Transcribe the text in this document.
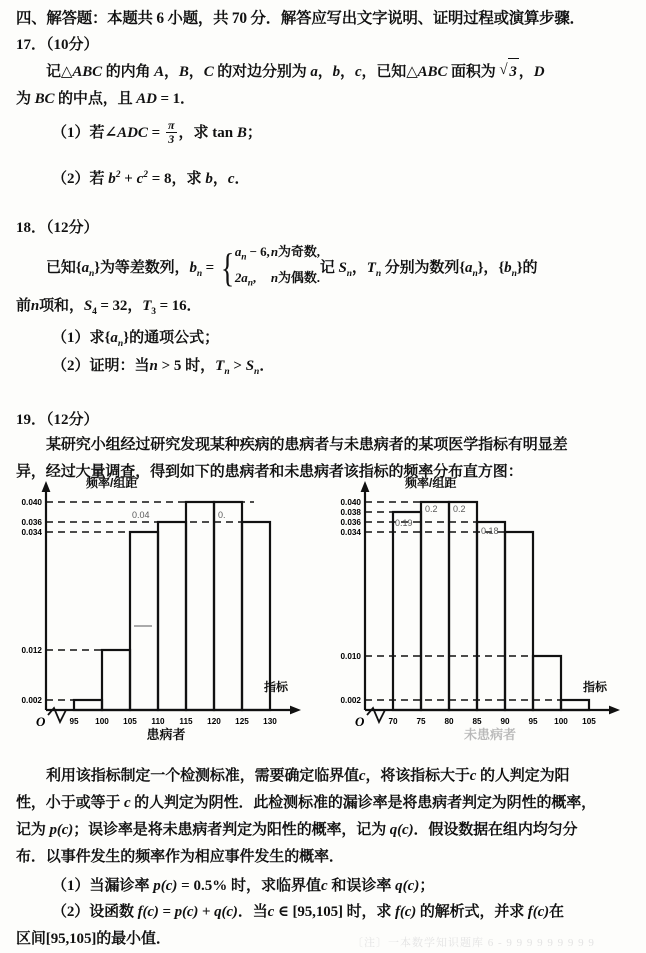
四、解答题：本题共 6 小题，共 70 分．解答应写出文字说明、证明过程或演算步骤．
17．（10分）
记△ABC 的内角 A，B，C 的对边分别为 a，b，c，已知△ABC 面积为 √ 3 ，D
为 BC 的中点，且 AD = 1．
（1）若∠ADC = $\frac{\pi}{3}$ ，求 tan B；
（2）若 $b^2 + c^2 = 8$，求 b，c．
18．（12分）
已知$\{a_n\}$为等差数列，$b_n$ = { $a_n - 6,n$为奇数,
$2a_n$, n为偶数.
记 $S_n$，$T_n$ 分别为数列$\{a_n\}$，$\{b_n\}$的
前n项和，$S_4 = 32$，$T_3 = 16$．
（1）求$\{a_n\}$的通项公式；
（2）证明：当n > 5 时，$T_n > S_n$．
19．（12分）
某研究小组经过研究发现某种疾病的患病者与未患病者的某项医学指标有明显差
异，经过大量调查，得到如下的患病者和未患病者该指标的频率分布直方图：
0.040
0.036
0.034
0.012
0.002
95 100 105 110 115 120 125 130
O
0.04	0.
频率/组距
指标
患病者
0.040
0.038
0.036
0.034
0.010
0.002
70 75 80 85 90 95 100 105
O
0.19
0.2 0.2
0.18
频率/组距
指标
未患病者
利用该指标制定一个检测标准，需要确定临界值c，将该指标大于c 的人判定为阳
性，小于或等于 c 的人判定为阴性．此检测标准的漏诊率是将患病者判定为阴性的概率，
记为 p(c)；误诊率是将未患病者判定为阳性的概率，记为 q(c)．假设数据在组内均匀分
布．以事件发生的频率作为相应事件发生的概率．
（1）当漏诊率 p(c) = 0.5% 时，求临界值c 和误诊率 q(c)；
（2）设函数 f(c) = p(c) + q(c)．当c ∈ [95,105] 时，求 f(c) 的解析式，并求 f(c)在
区间[95,105]的最小值．	〔注〕一本数学知识题库 6 - 9 9 9 9 9 9 9 9 9
